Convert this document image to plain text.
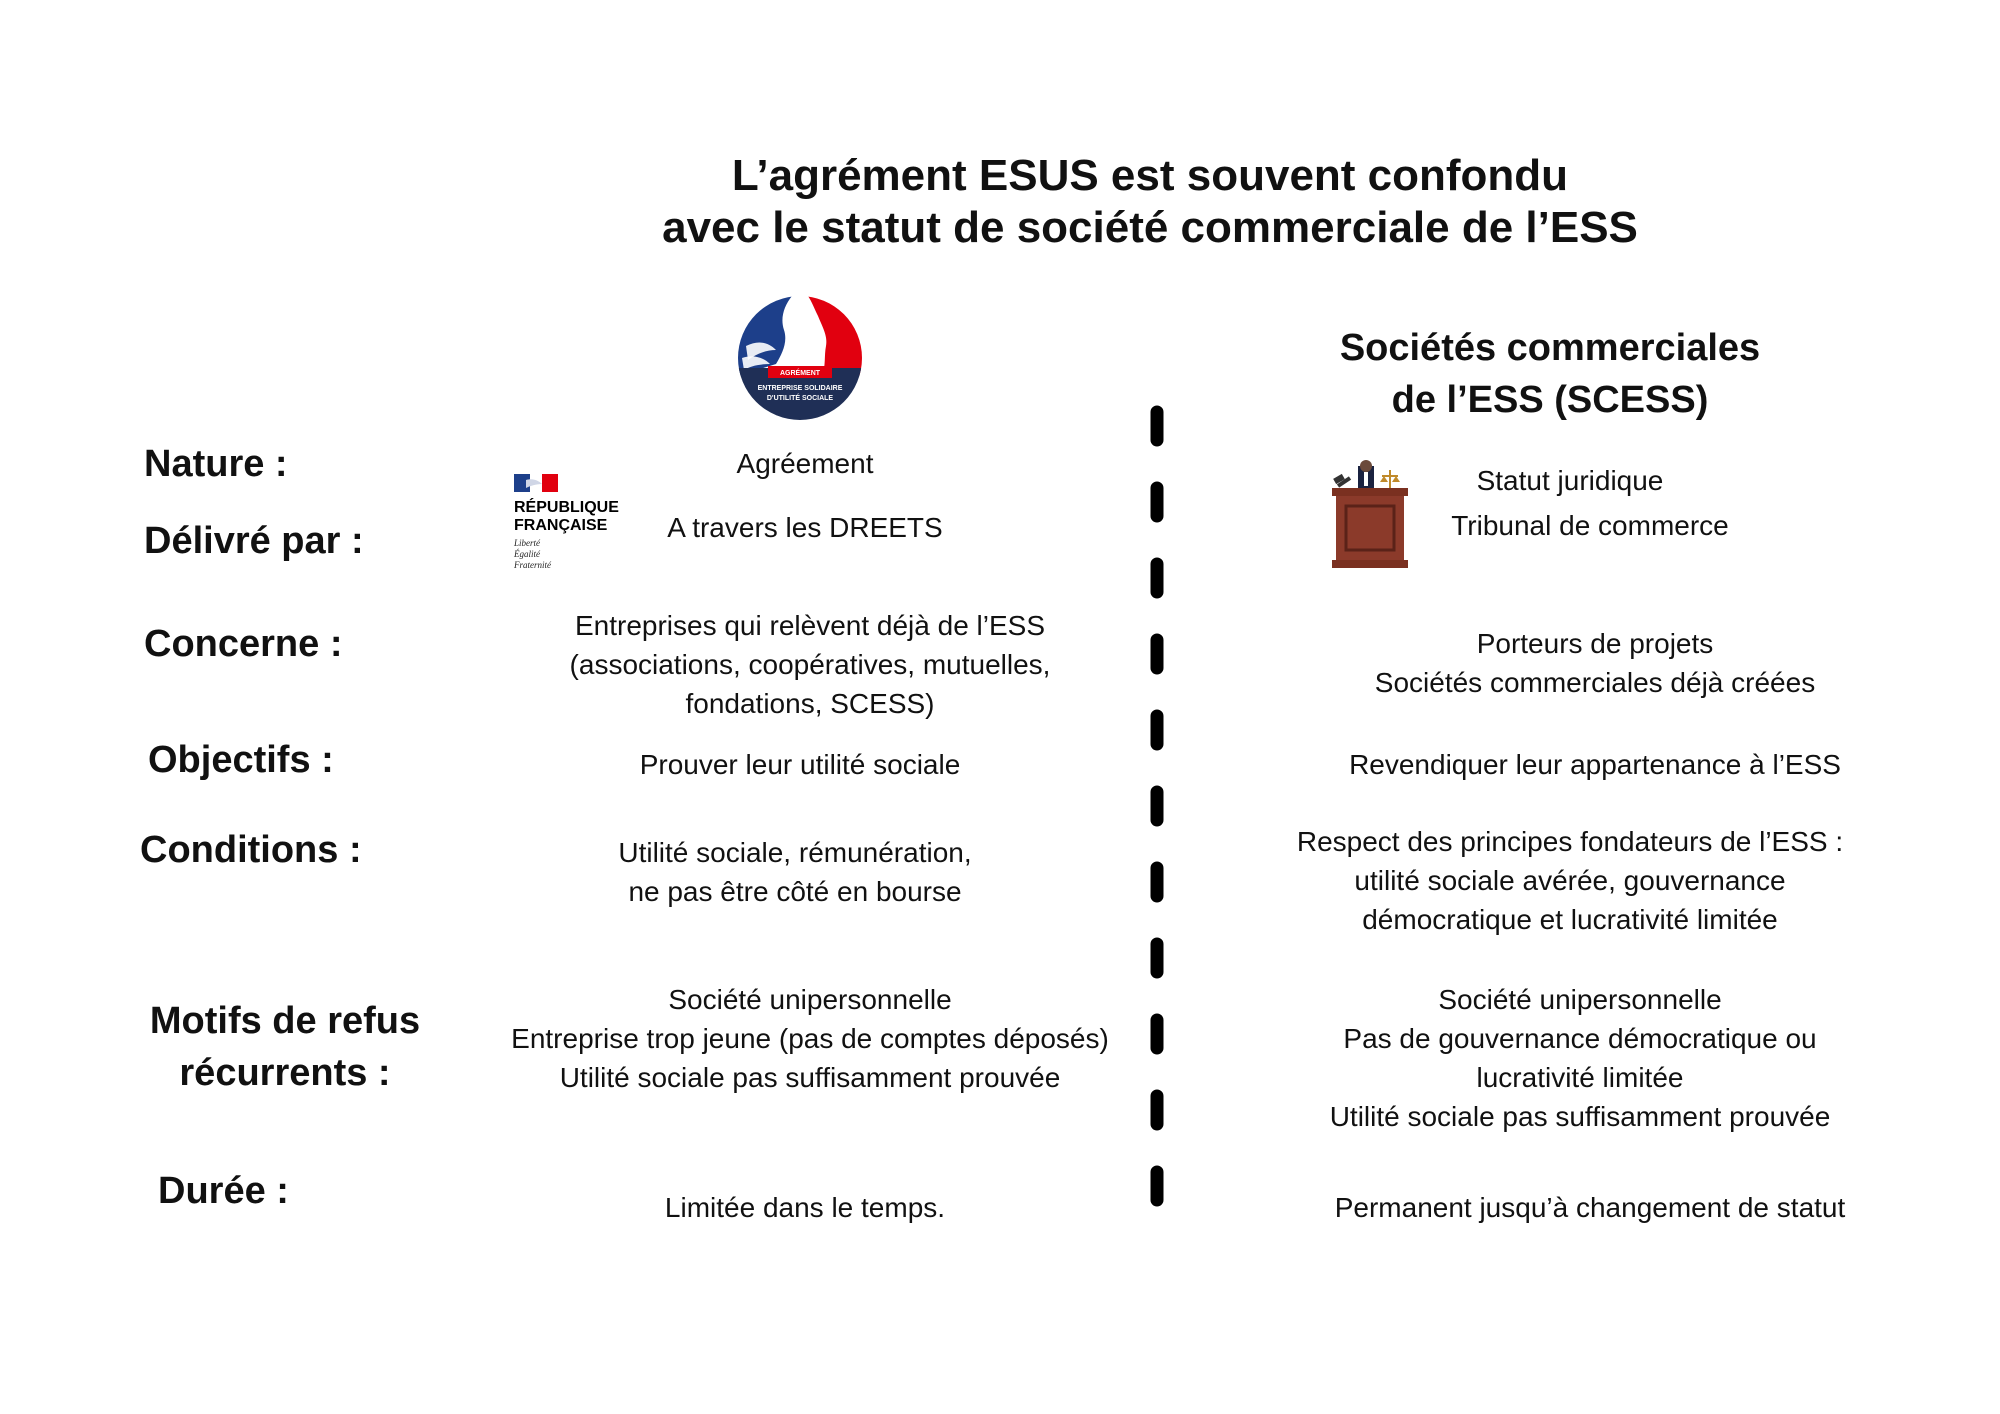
L’agrément ESUS est souvent confondu
avec le statut de société commerciale de l’ESS
AGRÉMENT
ENTREPRISE SOLIDAIRE
D'UTILITÉ SOCIALE
RÉPUBLIQUE
FRANÇAISE
Liberté
Égalité
Fraternité
Sociétés commerciales
de l’ESS (SCESS)
Nature :
Délivré par :
Concerne :
Objectifs :
Conditions :
Motifs de refus
récurrents :
Durée :
Agréement
A travers les DREETS
Entreprises qui relèvent déjà de l’ESS
(associations, coopératives, mutuelles,
fondations, SCESS)
Prouver leur utilité sociale
Utilité sociale, rémunération,
ne pas être côté en bourse
Société unipersonnelle
Entreprise trop jeune (pas de comptes déposés)
Utilité sociale pas suffisamment prouvée
Limitée dans le temps.
Statut juridique
Tribunal de commerce
Porteurs de projets
Sociétés commerciales déjà créées
Revendiquer leur appartenance à l’ESS
Respect des principes fondateurs de l’ESS :
utilité sociale avérée, gouvernance
démocratique et lucrativité limitée
Société unipersonnelle
Pas de gouvernance démocratique ou
lucrativité limitée
Utilité sociale pas suffisamment prouvée
Permanent jusqu’à changement de statut
